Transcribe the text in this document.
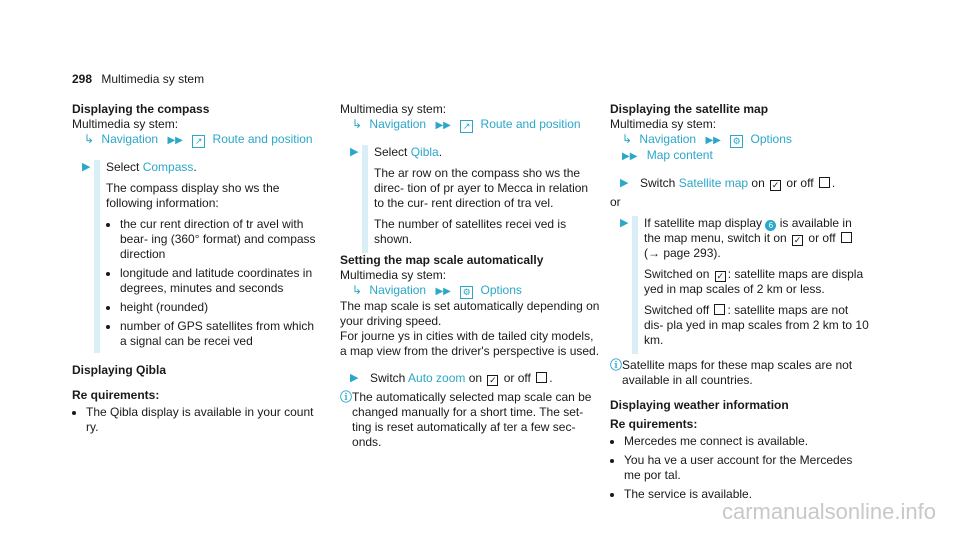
298 Multimedia sy stem
Displaying the compass
Multimedia sy stem:
↳ Navigation ▶▶ ↗ Route and position
▶	Select Compass.
The compass display sho ws the following information:
• the cur rent direction of tr avel with bear‑ ing (360° format) and compass direction
• longitude and latitude coordinates in degrees, minutes and seconds
• height (rounded)
• number of GPS satellites from which a signal can be recei ved
Displaying Qibla
Re quirements:
• The Qibla display is available in your count ry.
Multimedia sy stem:
↳ Navigation ▶▶ ↗ Route and position
▶	Select Qibla.
The ar row on the compass sho ws the direc‑ tion of pr ayer to Mecca in relation to the cur‑ rent direction of tra vel.
The number of satellites recei ved is shown.
Setting the map scale automatically
Multimedia sy stem:
↳ Navigation ▶▶ ⚙ Options
The map scale is set automatically depending on your driving speed.
For journe ys in cities with de tailed city models, a map view from the driver's perspective is used.
▶ Switch Auto zoom on ✓ or off .
ⓘ The automatically selected map scale can be changed manually for a short time. The set‑ ting is reset automatically af ter a few sec‑ onds.
Displaying the satellite map
Multimedia sy stem:
↳ Navigation ▶▶ ⚙ Options
▶▶ Map content
▶ Switch Satellite map on ✓ or off .
or
▶	If satellite map display 6 is available in the map menu, switch it on ✓ or off
(→ page 293).
Switched on ✓ : satellite maps are displa yed in map scales of 2 km or less.
Switched off : satellite maps are not dis‑ pla yed in map scales from 2 km to 10 km.
ⓘ Satellite maps for these map scales are not available in all countries.
Displaying weather information
Re quirements:
• Mercedes me connect is available.
• You ha ve a user account for the Mercedes me por tal.
• The service is available.
carmanualsonline.info
